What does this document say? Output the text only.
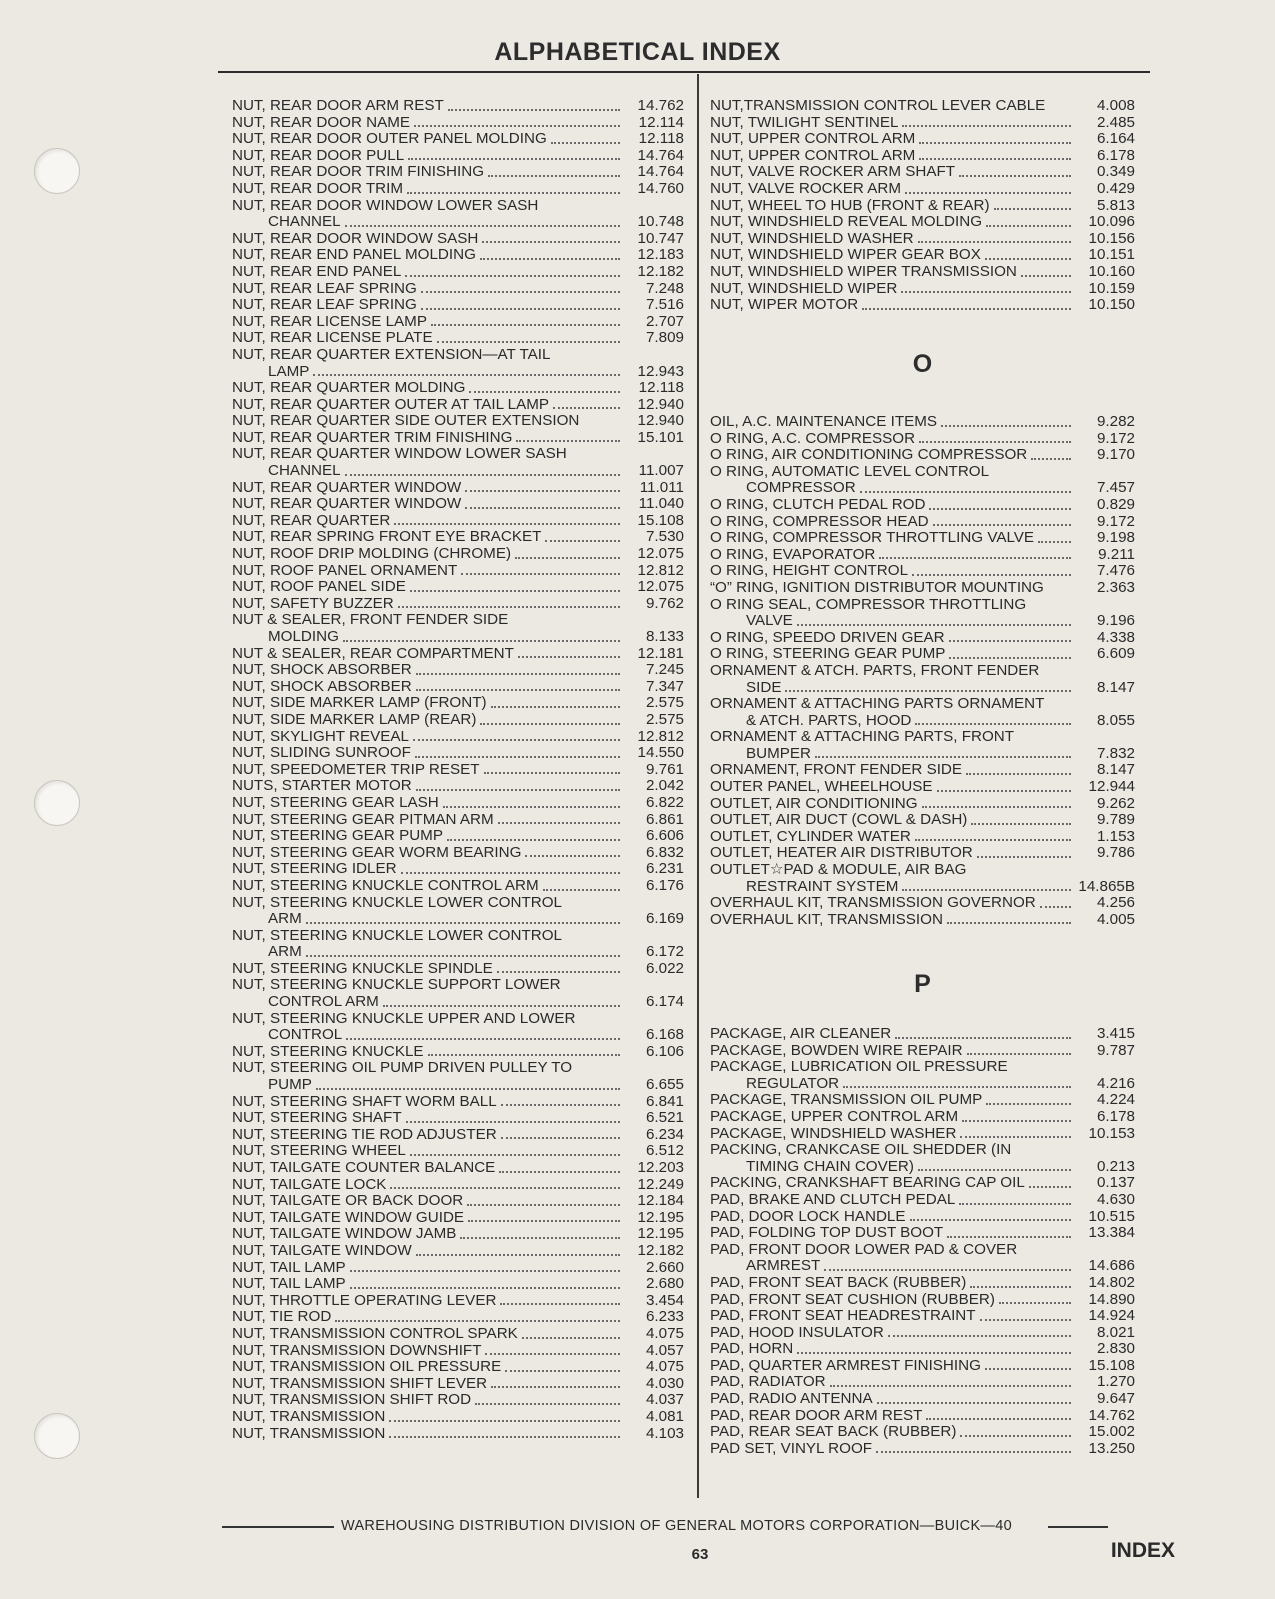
ALPHABETICAL INDEX
NUT, REAR DOOR ARM REST	14.762
NUT, REAR DOOR NAME	12.114
NUT, REAR DOOR OUTER PANEL MOLDING	12.118
NUT, REAR DOOR PULL	14.764
NUT, REAR DOOR TRIM FINISHING	14.764
NUT, REAR DOOR TRIM	14.760
NUT, REAR DOOR WINDOW LOWER SASH
CHANNEL	10.748
NUT, REAR DOOR WINDOW SASH	10.747
NUT, REAR END PANEL MOLDING	12.183
NUT, REAR END PANEL	12.182
NUT, REAR LEAF SPRING	7.248
NUT, REAR LEAF SPRING	7.516
NUT, REAR LICENSE LAMP	2.707
NUT, REAR LICENSE PLATE	7.809
NUT, REAR QUARTER EXTENSION—AT TAIL
LAMP	12.943
NUT, REAR QUARTER MOLDING	12.118
NUT, REAR QUARTER OUTER AT TAIL LAMP	12.940
NUT, REAR QUARTER SIDE OUTER EXTENSION	12.940
NUT, REAR QUARTER TRIM FINISHING	15.101
NUT, REAR QUARTER WINDOW LOWER SASH
CHANNEL	11.007
NUT, REAR QUARTER WINDOW	11.011
NUT, REAR QUARTER WINDOW	11.040
NUT, REAR QUARTER	15.108
NUT, REAR SPRING FRONT EYE BRACKET	7.530
NUT, ROOF DRIP MOLDING (CHROME)	12.075
NUT, ROOF PANEL ORNAMENT	12.812
NUT, ROOF PANEL SIDE	12.075
NUT, SAFETY BUZZER	9.762
NUT & SEALER, FRONT FENDER SIDE
MOLDING	8.133
NUT & SEALER, REAR COMPARTMENT	12.181
NUT, SHOCK ABSORBER	7.245
NUT, SHOCK ABSORBER	7.347
NUT, SIDE MARKER LAMP (FRONT)	2.575
NUT, SIDE MARKER LAMP (REAR)	2.575
NUT, SKYLIGHT REVEAL	12.812
NUT, SLIDING SUNROOF	14.550
NUT, SPEEDOMETER TRIP RESET	9.761
NUTS, STARTER MOTOR	2.042
NUT, STEERING GEAR LASH	6.822
NUT, STEERING GEAR PITMAN ARM	6.861
NUT, STEERING GEAR PUMP	6.606
NUT, STEERING GEAR WORM BEARING	6.832
NUT, STEERING IDLER	6.231
NUT, STEERING KNUCKLE CONTROL ARM	6.176
NUT, STEERING KNUCKLE LOWER CONTROL
ARM	6.169
NUT, STEERING KNUCKLE LOWER CONTROL
ARM	6.172
NUT, STEERING KNUCKLE SPINDLE	6.022
NUT, STEERING KNUCKLE SUPPORT LOWER
CONTROL ARM	6.174
NUT, STEERING KNUCKLE UPPER AND LOWER
CONTROL	6.168
NUT, STEERING KNUCKLE	6.106
NUT, STEERING OIL PUMP DRIVEN PULLEY TO
PUMP	6.655
NUT, STEERING SHAFT WORM BALL	6.841
NUT, STEERING SHAFT	6.521
NUT, STEERING TIE ROD ADJUSTER	6.234
NUT, STEERING WHEEL	6.512
NUT, TAILGATE COUNTER BALANCE	12.203
NUT, TAILGATE LOCK	12.249
NUT, TAILGATE OR BACK DOOR	12.184
NUT, TAILGATE WINDOW GUIDE	12.195
NUT, TAILGATE WINDOW JAMB	12.195
NUT, TAILGATE WINDOW	12.182
NUT, TAIL LAMP	2.660
NUT, TAIL LAMP	2.680
NUT, THROTTLE OPERATING LEVER	3.454
NUT, TIE ROD	6.233
NUT, TRANSMISSION CONTROL SPARK	4.075
NUT, TRANSMISSION DOWNSHIFT	4.057
NUT, TRANSMISSION OIL PRESSURE	4.075
NUT, TRANSMISSION SHIFT LEVER	4.030
NUT, TRANSMISSION SHIFT ROD	4.037
NUT, TRANSMISSION	4.081
NUT, TRANSMISSION	4.103
NUT,TRANSMISSION CONTROL LEVER CABLE	4.008
NUT, TWILIGHT SENTINEL	2.485
NUT, UPPER CONTROL ARM	6.164
NUT, UPPER CONTROL ARM	6.178
NUT, VALVE ROCKER ARM SHAFT	0.349
NUT, VALVE ROCKER ARM	0.429
NUT, WHEEL TO HUB (FRONT & REAR)	5.813
NUT, WINDSHIELD REVEAL MOLDING	10.096
NUT, WINDSHIELD WASHER	10.156
NUT, WINDSHIELD WIPER GEAR BOX	10.151
NUT, WINDSHIELD WIPER TRANSMISSION	10.160
NUT, WINDSHIELD WIPER	10.159
NUT, WIPER MOTOR	10.150
O
OIL, A.C. MAINTENANCE ITEMS	9.282
O RING, A.C. COMPRESSOR	9.172
O RING, AIR CONDITIONING COMPRESSOR	9.170
O RING, AUTOMATIC LEVEL CONTROL
COMPRESSOR	7.457
O RING, CLUTCH PEDAL ROD	0.829
O RING, COMPRESSOR HEAD	9.172
O RING, COMPRESSOR THROTTLING VALVE	9.198
O RING, EVAPORATOR	9.211
O RING, HEIGHT CONTROL	7.476
“O” RING, IGNITION DISTRIBUTOR MOUNTING	2.363
O RING SEAL, COMPRESSOR THROTTLING
VALVE	9.196
O RING, SPEEDO DRIVEN GEAR	4.338
O RING, STEERING GEAR PUMP	6.609
ORNAMENT & ATCH. PARTS, FRONT FENDER
SIDE	8.147
ORNAMENT & ATTACHING PARTS ORNAMENT
& ATCH. PARTS, HOOD	8.055
ORNAMENT & ATTACHING PARTS, FRONT
BUMPER	7.832
ORNAMENT, FRONT FENDER SIDE	8.147
OUTER PANEL, WHEELHOUSE	12.944
OUTLET, AIR CONDITIONING	9.262
OUTLET, AIR DUCT (COWL & DASH)	9.789
OUTLET, CYLINDER WATER	1.153
OUTLET, HEATER AIR DISTRIBUTOR	9.786
OUTLET☆PAD & MODULE, AIR BAG
RESTRAINT SYSTEM	14.865B
OVERHAUL KIT, TRANSMISSION GOVERNOR	4.256
OVERHAUL KIT, TRANSMISSION	4.005
P
PACKAGE, AIR CLEANER	3.415
PACKAGE, BOWDEN WIRE REPAIR	9.787
PACKAGE, LUBRICATION OIL PRESSURE
REGULATOR	4.216
PACKAGE, TRANSMISSION OIL PUMP	4.224
PACKAGE, UPPER CONTROL ARM	6.178
PACKAGE, WINDSHIELD WASHER	10.153
PACKING, CRANKCASE OIL SHEDDER (IN
TIMING CHAIN COVER)	0.213
PACKING, CRANKSHAFT BEARING CAP OIL	0.137
PAD, BRAKE AND CLUTCH PEDAL	4.630
PAD, DOOR LOCK HANDLE	10.515
PAD, FOLDING TOP DUST BOOT	13.384
PAD, FRONT DOOR LOWER PAD & COVER
ARMREST	14.686
PAD, FRONT SEAT BACK (RUBBER)	14.802
PAD, FRONT SEAT CUSHION (RUBBER)	14.890
PAD, FRONT SEAT HEADRESTRAINT	14.924
PAD, HOOD INSULATOR	8.021
PAD, HORN	2.830
PAD, QUARTER ARMREST FINISHING	15.108
PAD, RADIATOR	1.270
PAD, RADIO ANTENNA	9.647
PAD, REAR DOOR ARM REST	14.762
PAD, REAR SEAT BACK (RUBBER)	15.002
PAD SET, VINYL ROOF	13.250
WAREHOUSING DISTRIBUTION DIVISION OF GENERAL MOTORS CORPORATION—BUICK—40
63	INDEX
